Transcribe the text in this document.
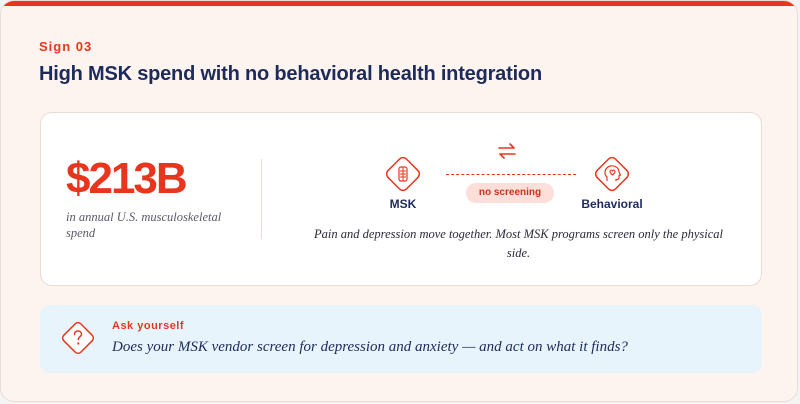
Sign 03
High MSK spend with no behavioral health integration
$213B
in annual U.S. musculoskeletal spend
MSK
no screening
Behavioral
Pain and depression move together. Most MSK programs screen only the physical side.
Ask yourself
Does your MSK vendor screen for depression and anxiety — and act on what it finds?
